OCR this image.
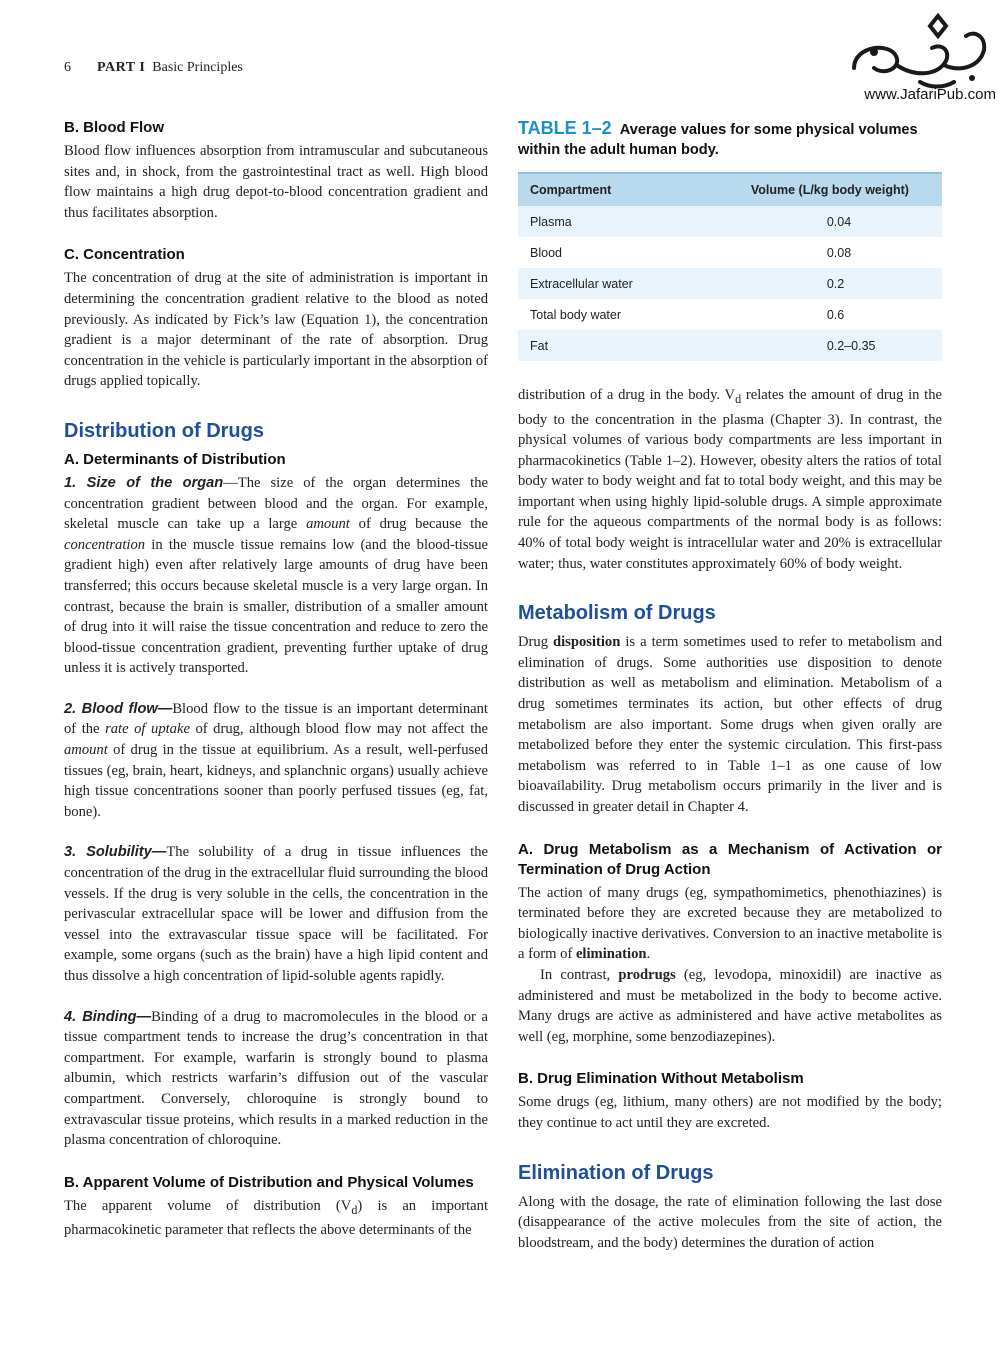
6 PART I Basic Principles
www.JafariPub.com
B. Blood Flow

Blood flow influences absorption from intramuscular and subcutaneous sites and, in shock, from the gastrointestinal tract as well. High blood flow maintains a high drug depot-to-blood concentration gradient and thus facilitates absorption.

C. Concentration

The concentration of drug at the site of administration is important in determining the concentration gradient relative to the blood as noted previously. As indicated by Fick’s law (Equation 1), the concentration gradient is a major determinant of the rate of absorption. Drug concentration in the vehicle is particularly important in the absorption of drugs applied topically.

Distribution of Drugs
A. Determinants of Distribution

1. Size of the organ—The size of the organ determines the concentration gradient between blood and the organ. For example, skeletal muscle can take up a large amount of drug because the concentration in the muscle tissue remains low (and the blood-tissue gradient high) even after relatively large amounts of drug have been transferred; this occurs because skeletal muscle is a very large organ. In contrast, because the brain is smaller, distribution of a smaller amount of drug into it will raise the tissue concentration and reduce to zero the blood-tissue concentration gradient, preventing further uptake of drug unless it is actively transported.

2. Blood flow—Blood flow to the tissue is an important determinant of the rate of uptake of drug, although blood flow may not affect the amount of drug in the tissue at equilibrium. As a result, well-perfused tissues (eg, brain, heart, kidneys, and splanchnic organs) usually achieve high tissue concentrations sooner than poorly perfused tissues (eg, fat, bone).

3. Solubility—The solubility of a drug in tissue influences the concentration of the drug in the extracellular fluid surrounding the blood vessels. If the drug is very soluble in the cells, the concentration in the perivascular extracellular space will be lower and diffusion from the vessel into the extravascular tissue space will be facilitated. For example, some organs (such as the brain) have a high lipid content and thus dissolve a high concentration of lipid-soluble agents rapidly.

4. Binding—Binding of a drug to macromolecules in the blood or a tissue compartment tends to increase the drug’s concentration in that compartment. For example, warfarin is strongly bound to plasma albumin, which restricts warfarin’s diffusion out of the vascular compartment. Conversely, chloroquine is strongly bound to extravascular tissue proteins, which results in a marked reduction in the plasma concentration of chloroquine.

B. Apparent Volume of Distribution and Physical Volumes

The apparent volume of distribution $(V_d)$ is an important pharmacokinetic parameter that reflects the above determinants of the

TABLE 1–2 Average values for some physical volumes within the adult human body.
Compartment	Volume (L/kg body weight)
Plasma	0.04
Blood	0.08
Extracellular water	0.2
Total body water	0.6
Fat	0.2–0.35

distribution of a drug in the body. $V_d$ relates the amount of drug in the body to the concentration in the plasma (Chapter 3). In contrast, the physical volumes of various body compartments are less important in pharmacokinetics (Table 1–2). However, obesity alters the ratios of total body water to body weight and fat to total body weight, and this may be important when using highly lipid-soluble drugs. A simple approximate rule for the aqueous compartments of the normal body is as follows: 40% of total body weight is intracellular water and 20% is extracellular water; thus, water constitutes approximately 60% of body weight.

Metabolism of Drugs

Drug disposition is a term sometimes used to refer to metabolism and elimination of drugs. Some authorities use disposition to denote distribution as well as metabolism and elimination. Metabolism of a drug sometimes terminates its action, but other effects of drug metabolism are also important. Some drugs when given orally are metabolized before they enter the systemic circulation. This first-pass metabolism was referred to in Table 1–1 as one cause of low bioavailability. Drug metabolism occurs primarily in the liver and is discussed in greater detail in Chapter 4.

A. Drug Metabolism as a Mechanism of Activation or Termination of Drug Action

The action of many drugs (eg, sympathomimetics, phenothiazines) is terminated before they are excreted because they are metabolized to biologically inactive derivatives. Conversion to an inactive metabolite is a form of elimination.

In contrast, prodrugs (eg, levodopa, minoxidil) are inactive as administered and must be metabolized in the body to become active. Many drugs are active as administered and have active metabolites as well (eg, morphine, some benzodiazepines).

B. Drug Elimination Without Metabolism

Some drugs (eg, lithium, many others) are not modified by the body; they continue to act until they are excreted.

Elimination of Drugs

Along with the dosage, the rate of elimination following the last dose (disappearance of the active molecules from the site of action, the bloodstream, and the body) determines the duration of action
